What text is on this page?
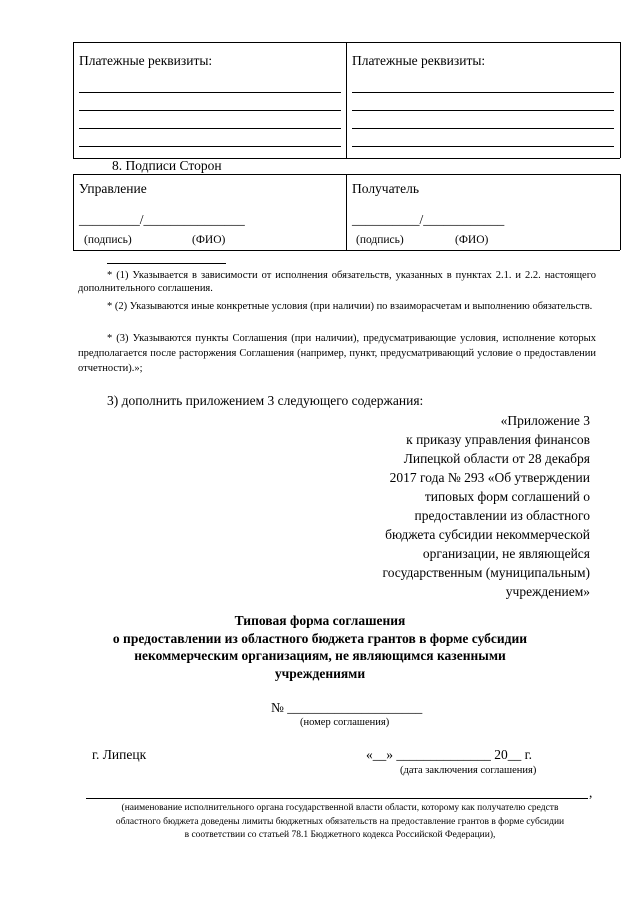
Платежные реквизиты:	Платежные реквизиты:
8. Подписи Сторон
Управление	Получатель
_________/_______________	__________/____________
(подпись)	(ФИО)	(подпись)	(ФИО)
* (1) Указывается в зависимости от исполнения обязательств, указанных в пунктах 2.1. и 2.2. настоящего дополнительного соглашения.
* (2) Указываются иные конкретные условия (при наличии) по взаиморасчетам и выполнению обязательств.
* (3) Указываются пункты Соглашения (при наличии), предусматривающие условия, исполнение которых предполагается после расторжения Соглашения (например, пункт, предусматривающий условие о предоставлении отчетности).»;
3) дополнить приложением 3 следующего содержания:
«Приложение 3
к приказу управления финансов
Липецкой области от 28 декабря
2017 года № 293 «Об утверждении
типовых форм соглашений о
предоставлении из областного
бюджета субсидии некоммерческой
организации, не являющейся
государственным (муниципальным)
учреждением»
Типовая форма соглашения
о предоставлении из областного бюджета грантов в форме субсидии
некоммерческим организациям, не являющимся казенными
учреждениями
№ ____________________
(номер соглашения)
г. Липецк	«__» ______________ 20__ г.
(дата заключения соглашения)
,
(наименование исполнительного органа государственной власти области, которому как получателю средств
областного бюджета доведены лимиты бюджетных обязательств на предоставление грантов в форме субсидии
в соответствии со статьей 78.1 Бюджетного кодекса Российской Федерации),
